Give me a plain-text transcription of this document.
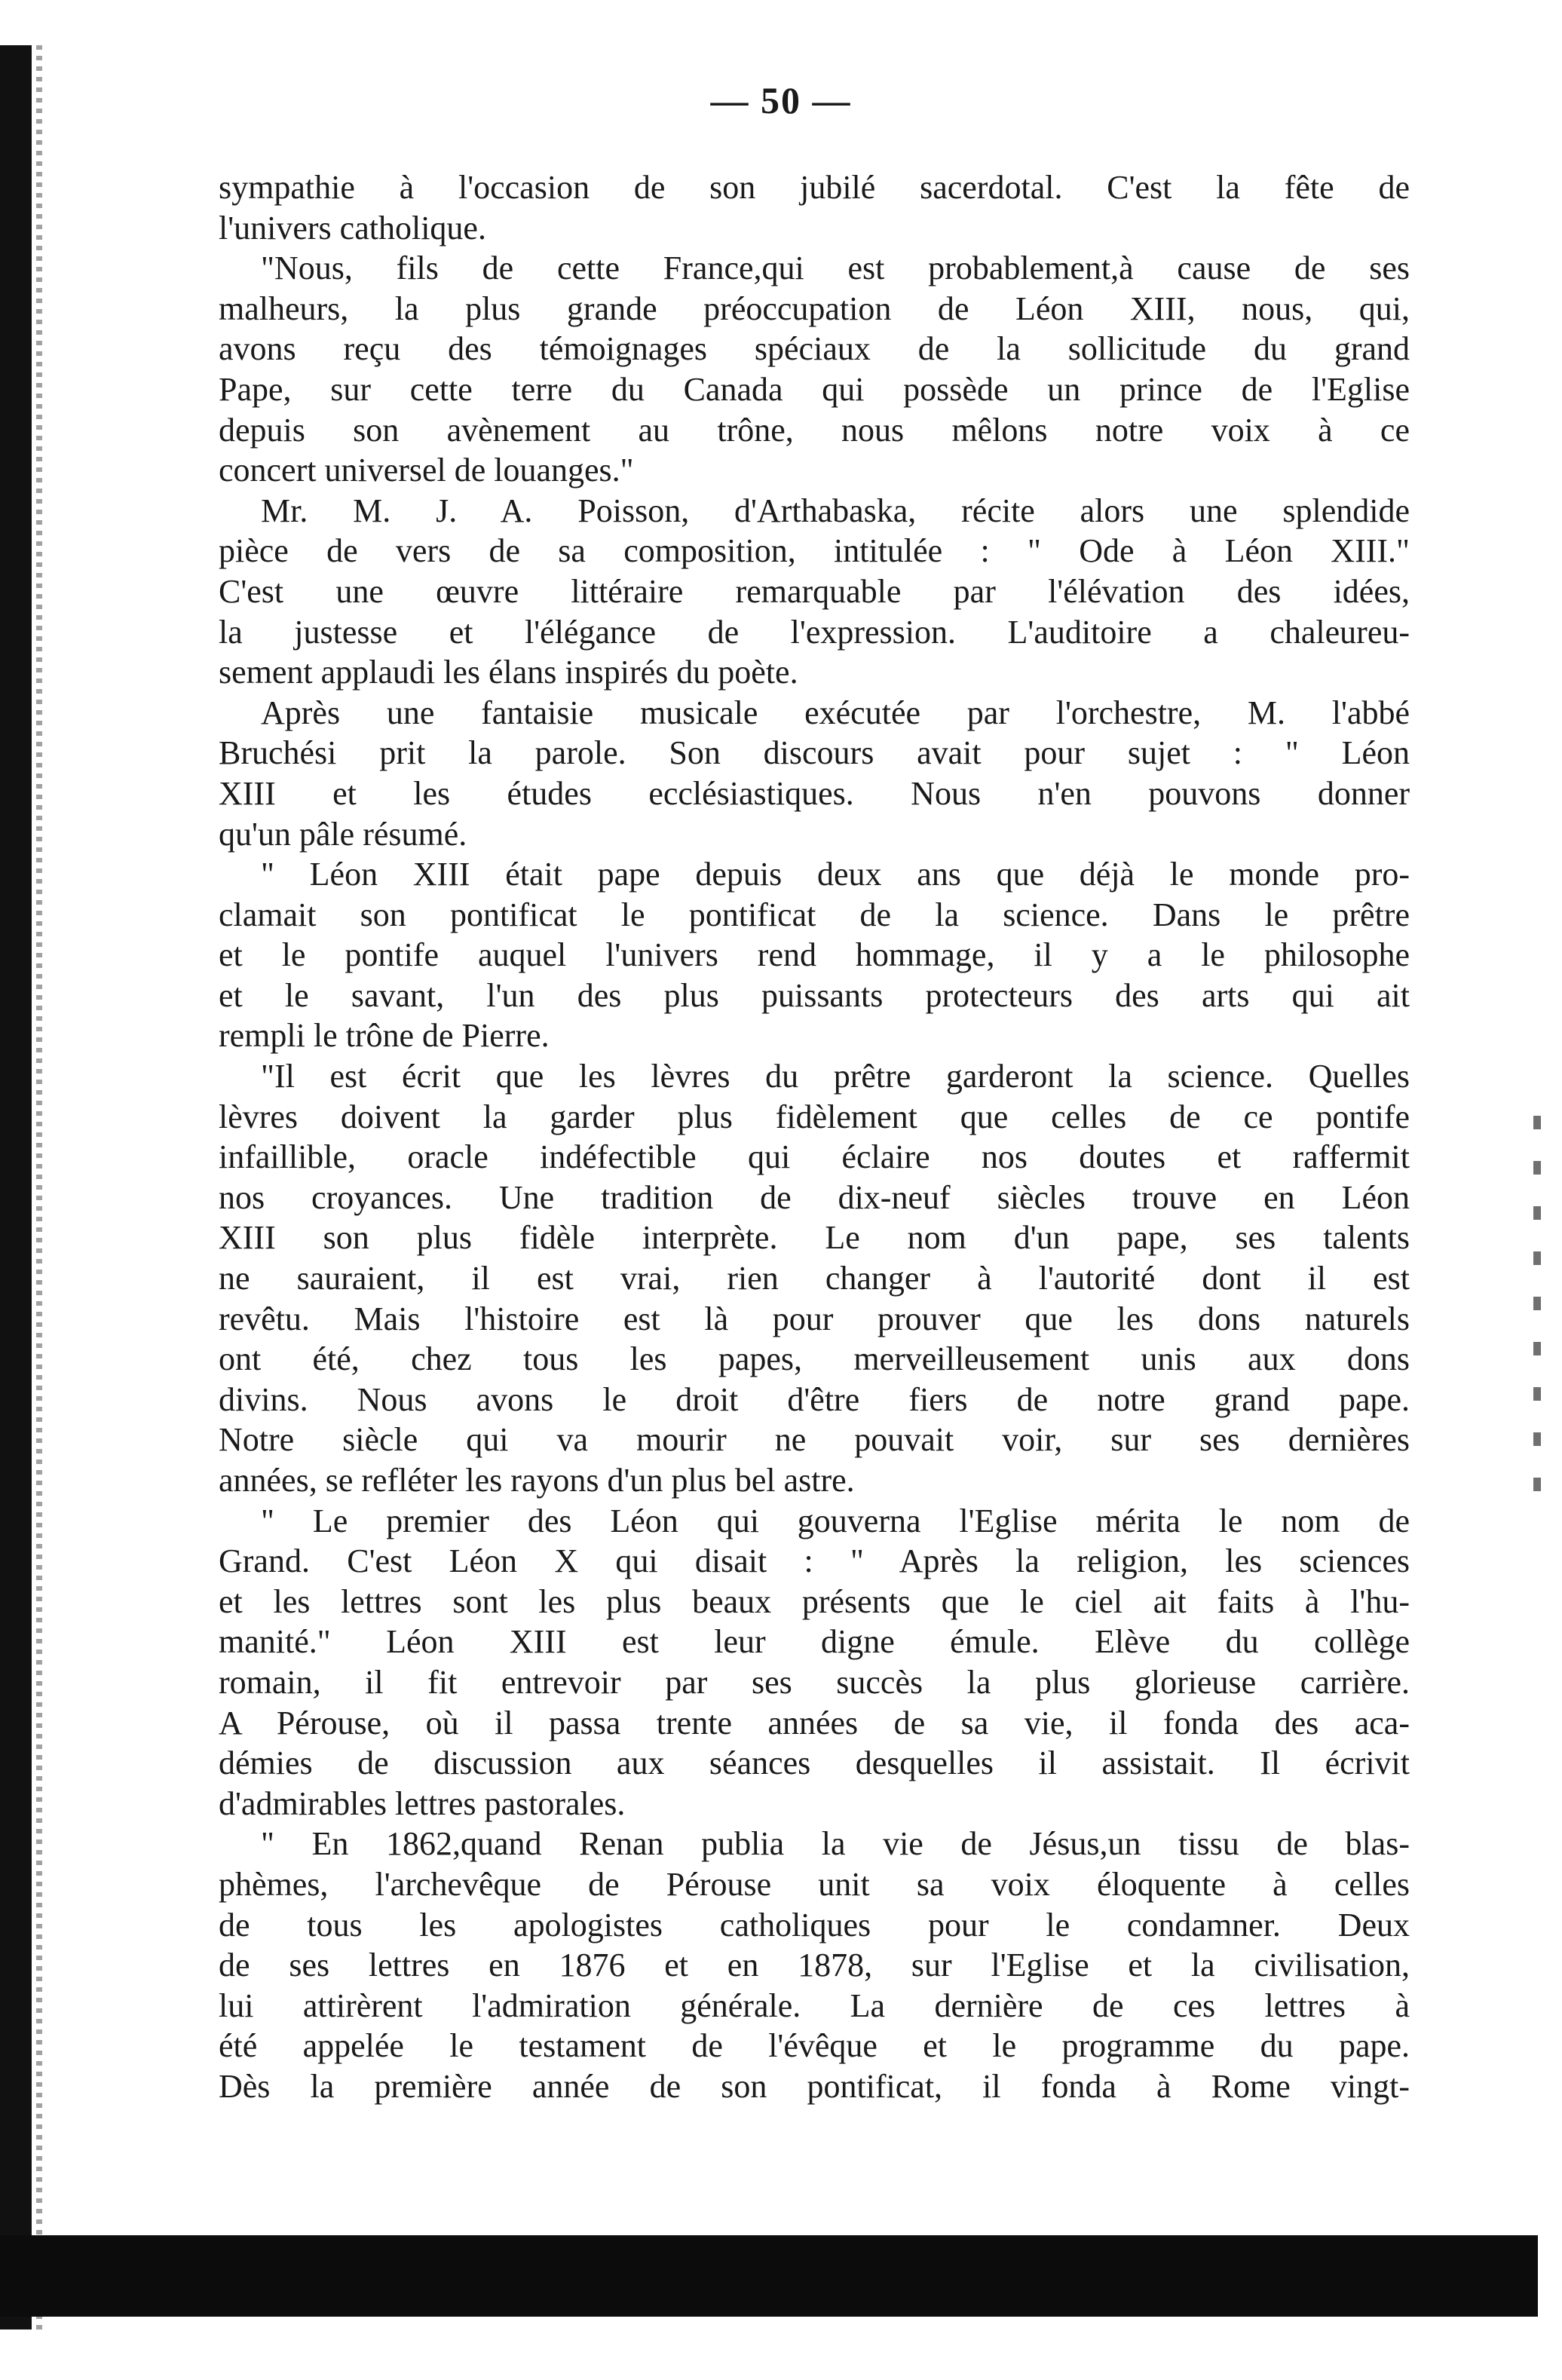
— 50 —
sympathie à l'occasion de son jubilé sacerdotal. C'est la fête de
l'univers catholique.
"Nous, fils de cette France,qui est probablement,à cause de ses
malheurs, la plus grande préoccupation de Léon XIII, nous, qui,
avons reçu des témoignages spéciaux de la sollicitude du grand
Pape, sur cette terre du Canada qui possède un prince de l'Eglise
depuis son avènement au trône, nous mêlons notre voix à ce
concert universel de louanges."
Mr. M. J. A. Poisson, d'Arthabaska, récite alors une splendide
pièce de vers de sa composition, intitulée : " Ode à Léon XIII."
C'est une œuvre littéraire remarquable par l'élévation des idées,
la justesse et l'élégance de l'expression. L'auditoire a chaleureu-
sement applaudi les élans inspirés du poète.
Après une fantaisie musicale exécutée par l'orchestre, M. l'abbé
Bruchési prit la parole. Son discours avait pour sujet : " Léon
XIII et les études ecclésiastiques. Nous n'en pouvons donner
qu'un pâle résumé.
" Léon XIII était pape depuis deux ans que déjà le monde pro-
clamait son pontificat le pontificat de la science. Dans le prêtre
et le pontife auquel l'univers rend hommage, il y a le philosophe
et le savant, l'un des plus puissants protecteurs des arts qui ait
rempli le trône de Pierre.
"Il est écrit que les lèvres du prêtre garderont la science. Quelles
lèvres doivent la garder plus fidèlement que celles de ce pontife
infaillible, oracle indéfectible qui éclaire nos doutes et raffermit
nos croyances. Une tradition de dix-neuf siècles trouve en Léon
XIII son plus fidèle interprète. Le nom d'un pape, ses talents
ne sauraient, il est vrai, rien changer à l'autorité dont il est
revêtu. Mais l'histoire est là pour prouver que les dons naturels
ont été, chez tous les papes, merveilleusement unis aux dons
divins. Nous avons le droit d'être fiers de notre grand pape.
Notre siècle qui va mourir ne pouvait voir, sur ses dernières
années, se refléter les rayons d'un plus bel astre.
" Le premier des Léon qui gouverna l'Eglise mérita le nom de
Grand. C'est Léon X qui disait : " Après la religion, les sciences
et les lettres sont les plus beaux présents que le ciel ait faits à l'hu-
manité." Léon XIII est leur digne émule. Elève du collège
romain, il fit entrevoir par ses succès la plus glorieuse carrière.
A Pérouse, où il passa trente années de sa vie, il fonda des aca-
démies de discussion aux séances desquelles il assistait. Il écrivit
d'admirables lettres pastorales.
" En 1862,quand Renan publia la vie de Jésus,un tissu de blas-
phèmes, l'archevêque de Pérouse unit sa voix éloquente à celles
de tous les apologistes catholiques pour le condamner. Deux
de ses lettres en 1876 et en 1878, sur l'Eglise et la civilisation,
lui attirèrent l'admiration générale. La dernière de ces lettres à
été appelée le testament de l'évêque et le programme du pape.
Dès la première année de son pontificat, il fonda à Rome vingt-
